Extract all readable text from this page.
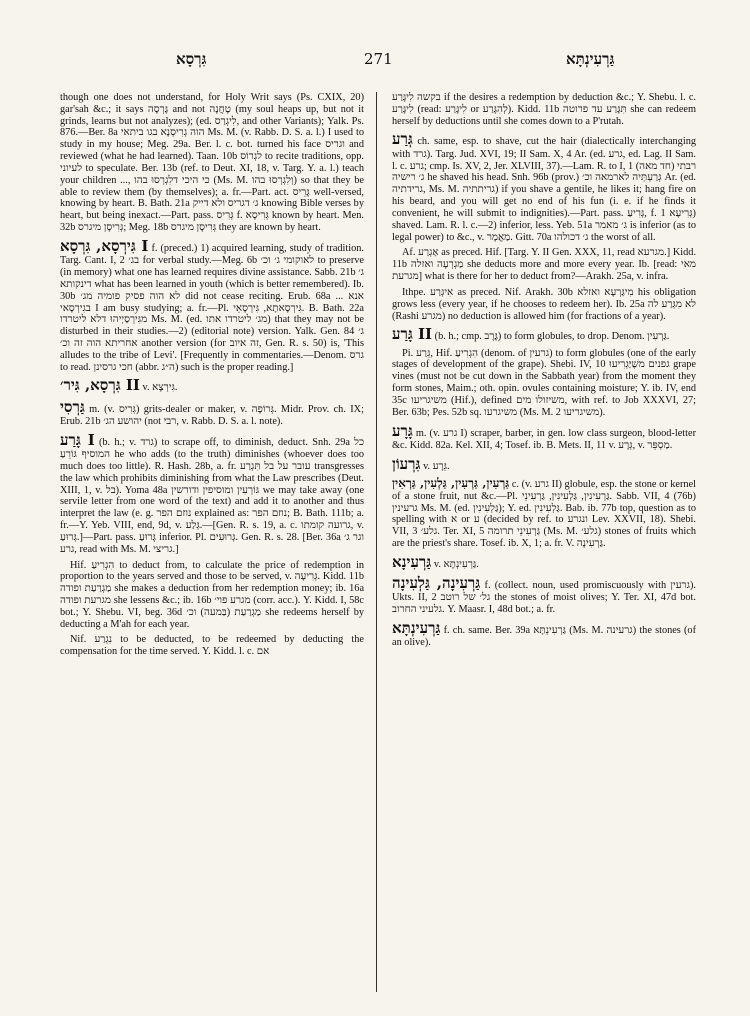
גִּרְסָא	271	גַּרְעִינְתָּא

though one does not understand, for Holy Writ says (Ps. CXIX, 20) gar'sah &c.; it says גָּרְסָה and not טָחֲנָה (my soul heaps up, but not it grinds, learns but not analyzes); (ed. לִיגְרַס, and other Variants); Yalk. Ps. 876.—Ber. 8a הוה גְרִיסְנָא בגו ביתאי Ms. M. (v. Rabb. D. S. a. l.) I used to study in my house; Meg. 29a. Ber. l. c. bot. turned his face וגריס and reviewed (what he had learned). Taan. 10b לגְרוֹס to recite traditions, opp. לעיוני to speculate. Ber. 13b (ref. to Deut. XI, 18, v. Targ. Y. a. l.) teach your children ..., כי היכי דלִגְרְסוּ בהו (Ms. M. וְלִגְרְסוּ בהו) so that they be able to review them (by themselves); a. fr.—Part. act. גָּרֵיס well-versed, knowing by heart. B. Bath. 21a ג׳ דגריס ולא דייק knowing Bible verses by heart, but being inexact.—Part. pass. גְּרִיס f. גְּרִיסָא known by heart. Men. 32b גְּרִיסָן מיגרס; Meg. 18b גְּרִיסָן מיגרס they are known by heart.

גִּירְסָא, גִּרְסָא I f. (preced.) 1) acquired learning, study of tradition. Targ. Cant. I, 2 בג׳ for verbal study.—Meg. 6b לאוקומי ג׳ וכ׳ to preserve (in memory) what one has learned requires divine assistance. Sabb. 21b ג׳ דינקותא what has been learned in youth (which is better remembered). Ib. 30b לא הוה פסיק פומיה מג׳ did not cease reciting. Erub. 68a ... אנא בגִירְסָאי I am busy studying; a. fr.—Pl. גִּירְסָאתָא, גִּירְסָאֵי. B. Bath. 22a מגִּירְסַיְיהוּ דלא ליטרדו Ms. M. (ed. מג׳ ליטרדו אתו) that they may not be disturbed in their studies.—2) (editorial note) version. Yalk. Gen. 84 ג׳ אחריתא הוה זה וכ׳ another version (for זה איוב, Gen. R. s. 50) is, 'This alludes to the tribe of Levi'. [Frequently in commentaries.—Denom. גרס to read. חכי גרסינן (abbr. ה״ג) such is the proper reading.]

גִּרְסָא, גִּיר׳ II v. גִּירְצָא.

גַּרְסִי m. (v. גְּרִיס) grits-dealer or maker, v. גְּרוֹפָה. Midr. Prov. ch. IX; Erub. 21b יהושע הג׳ (not רבי, v. Rabb. D. S. a. l. note).

גָּרַע I (b. h.; v. גרד) to scrape off, to diminish, deduct. Snh. 29a כל המוסיף גּוֹרֵעַ he who adds (to the truth) diminishes (whoever does too much does too little). R. Hash. 28b, a. fr. עובר על בל תִּגְרַע transgresses the law which prohibits diminishing from what the Law prescribes (Deut. XIII, 1, v. בל). Yoma 48a גּוֹרְעִין ומוסיפין ודורשין we may take away (one servile letter from one word of the text) and add it to another and thus interpret the law (e. g. נוזם הפר explained as: נוזם הפר; B. Bath. 111b; a. fr.—Y. Yeb. VIII, end, 9d, v. גְּלַע.—[Gen. R. s. 19, a. c. גרועה קומתו, v. גְּרוּעַ.]—Part. pass. גָּרוּעַ inferior. Pl. גְּרוּעִים. Gen. R. s. 28. [Ber. 36a וגר ג׳ גרע, read with Ms. M. גריצי.]

Hif. הִגְרִיעַ to deduct from, to calculate the price of redemption in proportion to the years served and those to be served, v. גְּרִיעָה. Kidd. 11b מַגְרַעַת ופודה she makes a deduction from her redemption money; ib. 16a מגרעת ופודה she lessens &c.; ib. 16b מגרע פוי׳ (corr. acc.). Y. Kidd. I, 58c bot.; Y. Shebu. VI, beg. 36d מַגְרַעַת (בַּמעה) וכ׳ she redeems herself by deducting a M'ah for each year.

Nif. נִגְרַע to be deducted, to be redeemed by deducting the compensation for the time served. Y. Kidd. l. c. אם

בקשה לִיגָּרַע if the desires a redemption by deduction &c.; Y. Shebu. l. c. לִיגָּרַע (read: לִיגָּרַע or לְהִגָּרַע). Kidd. 11b תִּגָּרַע עד פרוטה she can redeem herself by deductions until she comes down to a P'rutah.

גְּרַע ch. same, esp. to shave, cut the hair (dialectically interchanging with גרד). Targ. Jud. XVI, 19; II Sam. X, 4 Ar. (ed. גרע, ed. Lag. II Sam. l. c. גרע; cmp. Is. XV, 2, Jer. XLVIII, 37).—Lam. R. to I, 1 רבתי (חד מאה) ג׳ רישיה he shaved his head. Snh. 96b (prov.) גְּרַעְתְּיה לארמאה וכ׳ Ar. (ed. גרידתיה, Ms. M. גריתתיה) if you shave a gentile, he likes it; hang fire on his beard, and you will get no end of his fun (i. e. if he finds it convenient, he will submit to indignities).—Part. pass. גְּרִיעַ, f. גְּרִיעָא 1) shaved. Lam. R. l. c.—2) inferior, less. Yeb. 51a ג׳ מאמר is inferior (as to legal power) to &c., v. מַאֲמָר. Gitt. 70a ג׳ דכולהו the worst of all.

Af. אַגְרַע as preced. Hif. [Targ. Y. II Gen. XXX, 11, read מגרעא.] Kidd. 11b מַגְרְעָה ואזלה she deducts more and more every year. Ib. [read: מאי מגרעת] what is there for her to deduct from?—Arakh. 25a, v. infra.

Ithpe. אִיגְּרַע as preced. Nif. Arakh. 30b מִיגַּרְעָא ואזלא his obligation grows less (every year, if he chooses to redeem her). Ib. 25a לא מִגְּרַע לה (Rashi מגרע) no deduction is allowed him (for fractions of a year).

גָּרַע II (b. h.; cmp. גֶּרֶב) to form globules, to drop. Denom. גַּרְעִין.

Pi. גֵּרַע, Hif. הִגְרִיעַ (denom. of גרעין) to form globules (one of the early stages of development of the grape). Shebi. IV, 10 גפנים משֶׁיַּגְרִיעוּ grape vines (must not be cut down in the Sabbath year) from the moment they form stones, Maim.; oth. opin. ovules containing moisture; Y. ib. IV, end 35c משיגריעו (Hif.), defined משיזולו מים, with ref. to Job XXXVI, 27; Ber. 63b; Pes. 52b sq. משיגרעו (Ms. M. 2 משיגריעו).

גָּרָע m. (v. גרע I) scraper, barber, in gen. low class surgeon, blood-letter &c. Kidd. 82a. Kel. XII, 4; Tosef. ib. B. Mets. II, 11 v. גְּרָע, v. מַסְפֵּר.

גִּרְעוֹן v. גֵּרָע.

גַּרְעִין, גַּרְעִין, גַּלְעִין, גַּרְאִין c. (v. גרע II) globule, esp. the stone or kernel of a stone fruit, nut &c.—Pl. גַּרְעִינִין, גַּלְעִינִין, גַּרְעִינֵי. Sabb. VII, 4 (76b) גרעינין Ms. M. (ed. גַּלְעִינִין); Y. ed. גַּלְעִינִין. Bab. ib. 77b top, question as to spelling with א or ע (decided by ref. to ונגרע Lev. XXVII, 18). Shebi. VII, 3 גלע׳. Ter. XI, 5 גַּרְעִינֵי תרומה (Ms. M. גלע׳) stones of fruits which are the priest's share. Tosef. ib. X, 1; a. fr. V. גַּרְעִינָה.

גַּרְעִינָא v. גַּרְעִינְתָּא.

גַּרְעִינָה, גַּלְעִינָה f. (collect. noun, used promiscuously with גרעין). Ukts. II, 2 גל׳ של רוטב the stones of moist olives; Y. Ter. XI, 47d bot. גלעיני החרוב. Y. Maasr. I, 48d bot.; a. fr.

גַּרְעִינְתָּא f. ch. same. Ber. 39a גַּרְעִינְתָּא (Ms. M. גרעינה) the stones (of an olive).
